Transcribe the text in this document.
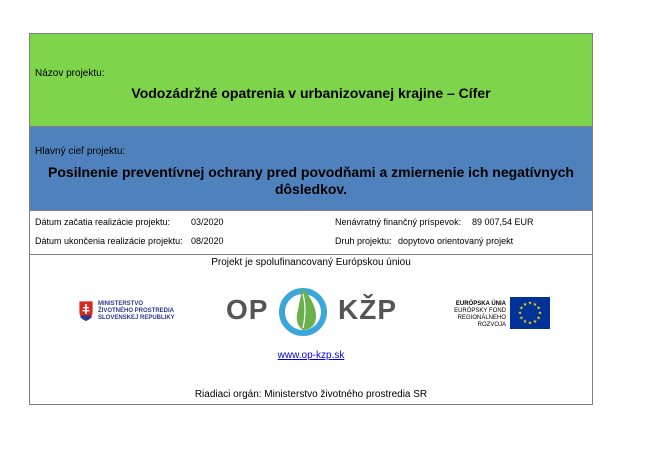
Názov projektu:
Vodozádržné opatrenia v urbanizovanej krajine – Cífer
Hlavný cieľ projektu:
Posilnenie preventívnej ochrany pred povodňami a zmiernenie ich negatívnych
dôsledkov.
Dátum začatia realizácie projektu: 03/2020
Dátum ukončenia realizácie projektu: 08/2020
Nenávratný finančný príspevok: 89 007,54 EUR
Druh projektu: dopytovo orientovaný projekt
Projekt je spolufinancovaný Európskou úniou
MINISTERSTVO
ŽIVOTNÉHO PROSTREDIA
SLOVENSKEJ REPUBLIKY OP KŽP	EURÓPSKA ÚNIA
EURÓPSKY FOND
REGIONÁLNEHO ROZVOJA
★ ★
★
★
★
★
★
★
★
★
★
★
www.op-kzp.sk
Riadiaci orgán: Ministerstvo životného prostredia SR
